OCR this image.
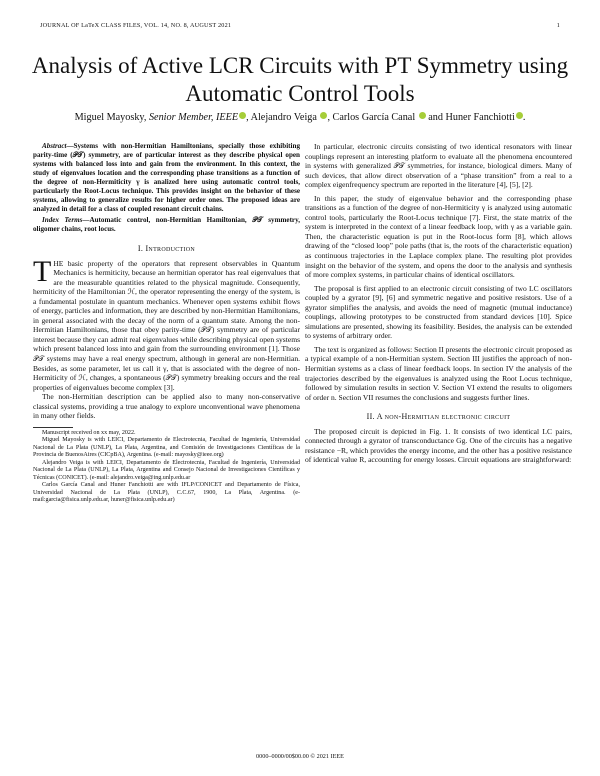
JOURNAL OF LaTeX CLASS FILES, VOL. 14, NO. 8, AUGUST 2021	1
Analysis of Active LCR Circuits with PT Symmetry using Automatic Control Tools
Miguel Mayosky, Senior Member, IEEE , Alejandro Veiga , Carlos García Canal and Huner Fanchiotti .

Abstract—Systems with non-Hermitian Hamiltonians, specially those exhibiting parity-time (𝒫𝒯) symmetry, are of particular interest as they describe physical open systems with balanced loss into and gain from the environment. In this context, the study of eigenvalues location and the corresponding phase transitions as a function of the degree of non-Hermiticity γ is analized here using automatic control tools, particularly the Root-Locus technique. This provides insight on the behavior of these systems, allowing to generalize results for higher order ones. The proposed ideas are analyzed in detail for a class of coupled resonant circuit chains.

Index Terms—Automatic control, non-Hermitian Hamiltonian, 𝒫𝒯 symmetry, oligomer chains, root locus.

I. Introduction

THE basic property of the operators that represent observables in Quantum Mechanics is hermiticity, because an hermitian operator has real eigenvalues that are the measurable quantities related to the physical magnitude. Consequently, hermiticity of the Hamiltonian ℋ, the operator representing the energy of the system, is a fundamental postulate in quantum mechanics. Whenever open systems exhibit flows of energy, particles and information, they are described by non-Hermitian Hamiltonians, in general associated with the decay of the norm of a quantum state. Among the non-Hermitian Hamiltonians, those that obey parity-time (𝒫𝒯) symmetry are of particular interest because they can admit real eigenvalues while describing physical open systems which present balanced loss into and gain from the surrounding environment [1]. Those 𝒫𝒯 systems may have a real energy spectrum, although in general are non-Hermitian. Besides, as some parameter, let us call it γ, that is associated with the degree of non-Hermiticity of ℋ, changes, a spontaneous (𝒫𝒯) symmetry breaking occurs and the real properties of eigenvalues become complex [3].

The non-Hermitian description can be applied also to many non-conservative classical systems, providing a true analogy to explore unconventional wave phenomena in many other fields.

Manuscript received on xx may, 2022.

Miguel Mayosky is with LEICI, Departamento de Electrotecnia, Facultad de Ingeniería, Universidad Nacional de La Plata (UNLP), La Plata, Argentina, and Comisión de Investigaciones Científicas de la Provincia de BuenosAires (CICpBA), Argentina. (e-mail: mayosky@ieee.org)

Alejandro Veiga is with LEICI, Departamento de Electrotecnia, Facultad de Ingeniería, Universidad Nacional de La Plata (UNLP), La Plata, Argentina and Consejo Nacional de Investigaciones Científicas y Técnicas (CONICET). (e-mail: alejandro.veiga@ing.unlp.edu.ar

Carlos García Canal and Huner Fanchiotti are with IFLP/CONICET and Departamento de Física, Universidad Nacional de La Plata (UNLP), C.C.67, 1900, La Plata, Argentina. (e-mail:garcia@fisica.unlp.edu.ar, huner@fisica.unlp.edu.ar)

In particular, electronic circuits consisting of two identical resonators with linear couplings represent an interesting platform to evaluate all the phenomena encountered in systems with generalized 𝒫𝒯 symmetries, for instance, biological dimers. Many of such devices, that allow direct observation of a “phase transition” from a real to a complex eigenfrequency spectrum are reported in the literature [4], [5], [2].

In this paper, the study of eigenvalue behavior and the corresponding phase transitions as a function of the degree of non-Hermiticity γ is analyzed using automatic control tools, particularly the Root-Locus technique [7]. First, the state matrix of the system is interpreted in the context of a linear feedback loop, with γ as a variable gain. Then, the characteristic equation is put in the Root-locus form [8], which allows drawing of the “closed loop” pole paths (that is, the roots of the characteristic equation) as continuous trajectories in the Laplace complex plane. The resulting plot provides insight on the behavior of the system, and opens the door to the analysis and synthesis of more complex systems, in particular chains of identical oscillators.

The proposal is first applied to an electronic circuit consisting of two LC oscillators coupled by a gyrator [9], [6] and symmetric negative and positive resistors. Use of a gyrator simplifies the analysis, and avoids the need of magnetic (mutual inductance) couplings, allowing prototypes to be constructed from standard devices [10]. Spice simulations are presented, showing its feasibility. Besides, the analysis can be extended to systems of arbitrary order.

The text is organized as follows: Section II presents the electronic circuit proposed as a typical example of a non-Hermitian system. Section III justifies the approach of non-Hermitian systems as a class of linear feedback loops. In section IV the analysis of the trajectories described by the eigenvalues is analyzed using the Root Locus technique, followed by simulation results in section V. Section VI extend the results to oligomers of order n. Section VII resumes the conclusions and suggests further lines.

II. A non-Hermitian electronic circuit

The proposed circuit is depicted in Fig. 1. It consists of two identical LC pairs, connected through a gyrator of transconductance Gg. One of the circuits has a negative resistance −R, which provides the energy income, and the other has a positive resistance of identical value R, accounting for energy losses. Circuit equations are straightforward:

0000–0000/00$00.00 © 2021 IEEE
